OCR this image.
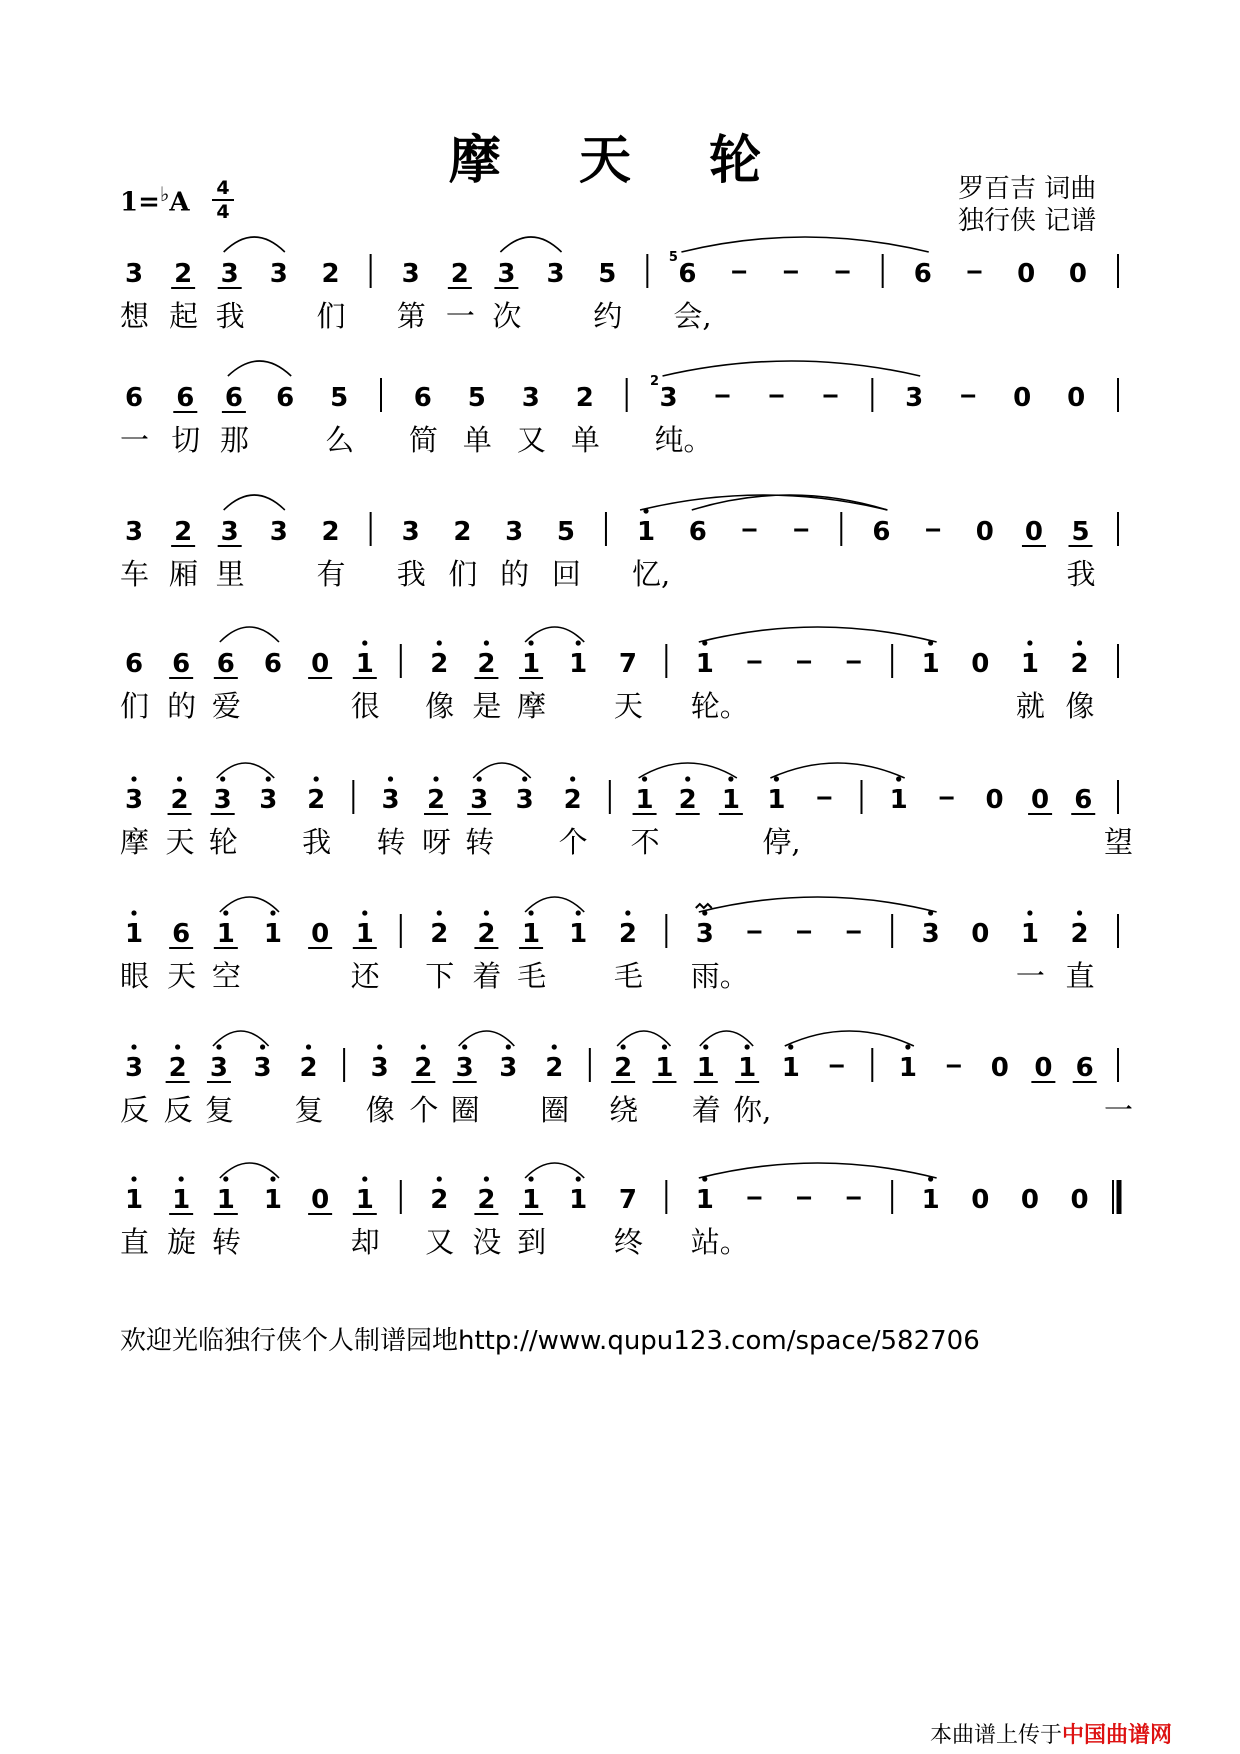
摩 天 轮
1=♭A 4
4
罗百吉 词曲
独行侠 记谱
3 2 3 3 2 3 2 3 3 5 6
5
6	0 0
想 起 我 们 第 一 次 约 会,
6 6 6 6 5	6 5 3 2	3
2
3	0 0
一 切 那	么 简 单 又 单 纯。
3 2 3 3 2 3 2 3 5 1 6	6	0 0 5
车 厢 里 有 我 们 的 回 忆,	我
6 6 6 6 0 1 2 2 1 1 7 1	1 0 1 2
们 的 爱	很 像 是 摩 天 轮。	就 像
3 2 3 3 2 3 2 3 3 2 1 2 1 1	1	0 0 6
摩 天 轮 我 转 呀 转 个 不	停,	望
1 6 1 1 0 1 2 2 1 1 2 3	3 0 1 2
眼 天 空	还 下 着 毛 毛 雨。	一 直
3 2 3 3 2 3 2 3 3 2 2 1 1 1 1	1	0 0 6
反 反 复 复 像 个 圈 圈 绕 着 你,	一
1 1 1 1 0 1 2 2 1 1 7 1	1 0 0 0
直 旋 转	却 又 没 到 终 站。
欢迎光临独行侠个人制谱园地http://www.qupu123.com/space/582706
本曲谱上传于中国曲谱网
